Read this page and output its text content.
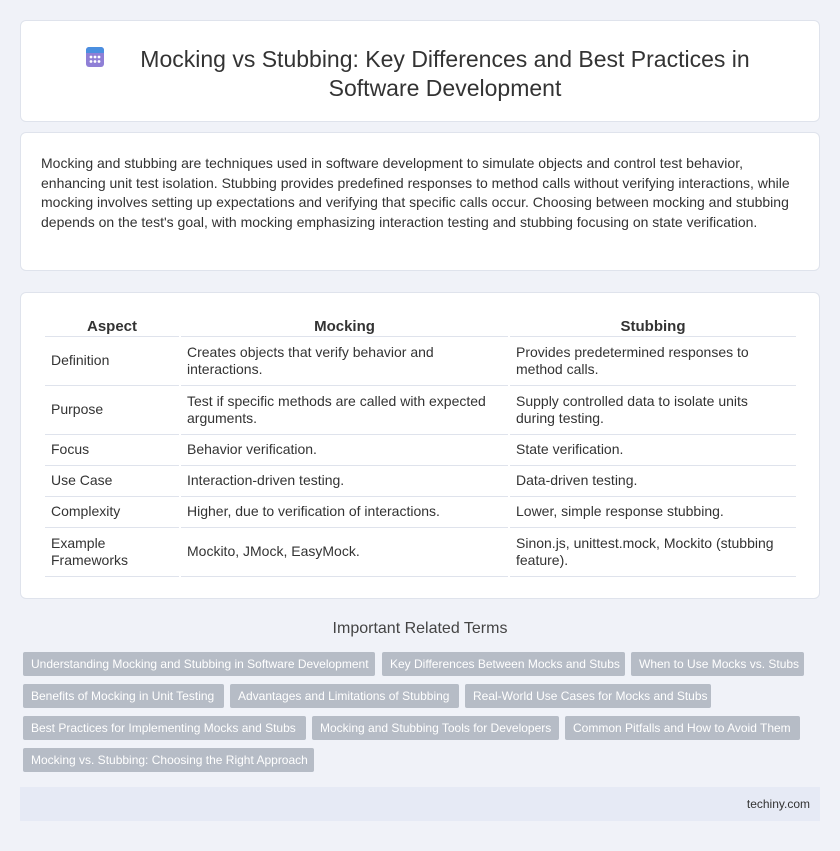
Mocking vs Stubbing: Key Differences and Best Practices in Software Development

Mocking and stubbing are techniques used in software development to simulate objects and control test behavior, enhancing unit test isolation. Stubbing provides predefined responses to method calls without verifying interactions, while mocking involves setting up expectations and verifying that specific calls occur. Choosing between mocking and stubbing depends on the test's goal, with mocking emphasizing interaction testing and stubbing focusing on state verification.

Aspect	Mocking	Stubbing
Definition	Creates objects that verify behavior and interactions.	Provides predetermined responses to method calls.
Purpose	Test if specific methods are called with expected arguments.	Supply controlled data to isolate units during testing.
Focus	Behavior verification.	State verification.
Use Case	Interaction-driven testing.	Data-driven testing.
Complexity	Higher, due to verification of interactions.	Lower, simple response stubbing.
Example Frameworks	Mockito, JMock, EasyMock.	Sinon.js, unittest.mock, Mockito (stubbing feature).
Important Related Terms
Understanding Mocking and Stubbing in Software Development	Key Differences Between Mocks and Stubs	When to Use Mocks vs. Stubs
Benefits of Mocking in Unit Testing	Advantages and Limitations of Stubbing	Real-World Use Cases for Mocks and Stubs
Best Practices for Implementing Mocks and Stubs	Mocking and Stubbing Tools for Developers	Common Pitfalls and How to Avoid Them
Mocking vs. Stubbing: Choosing the Right Approach
techiny.com
